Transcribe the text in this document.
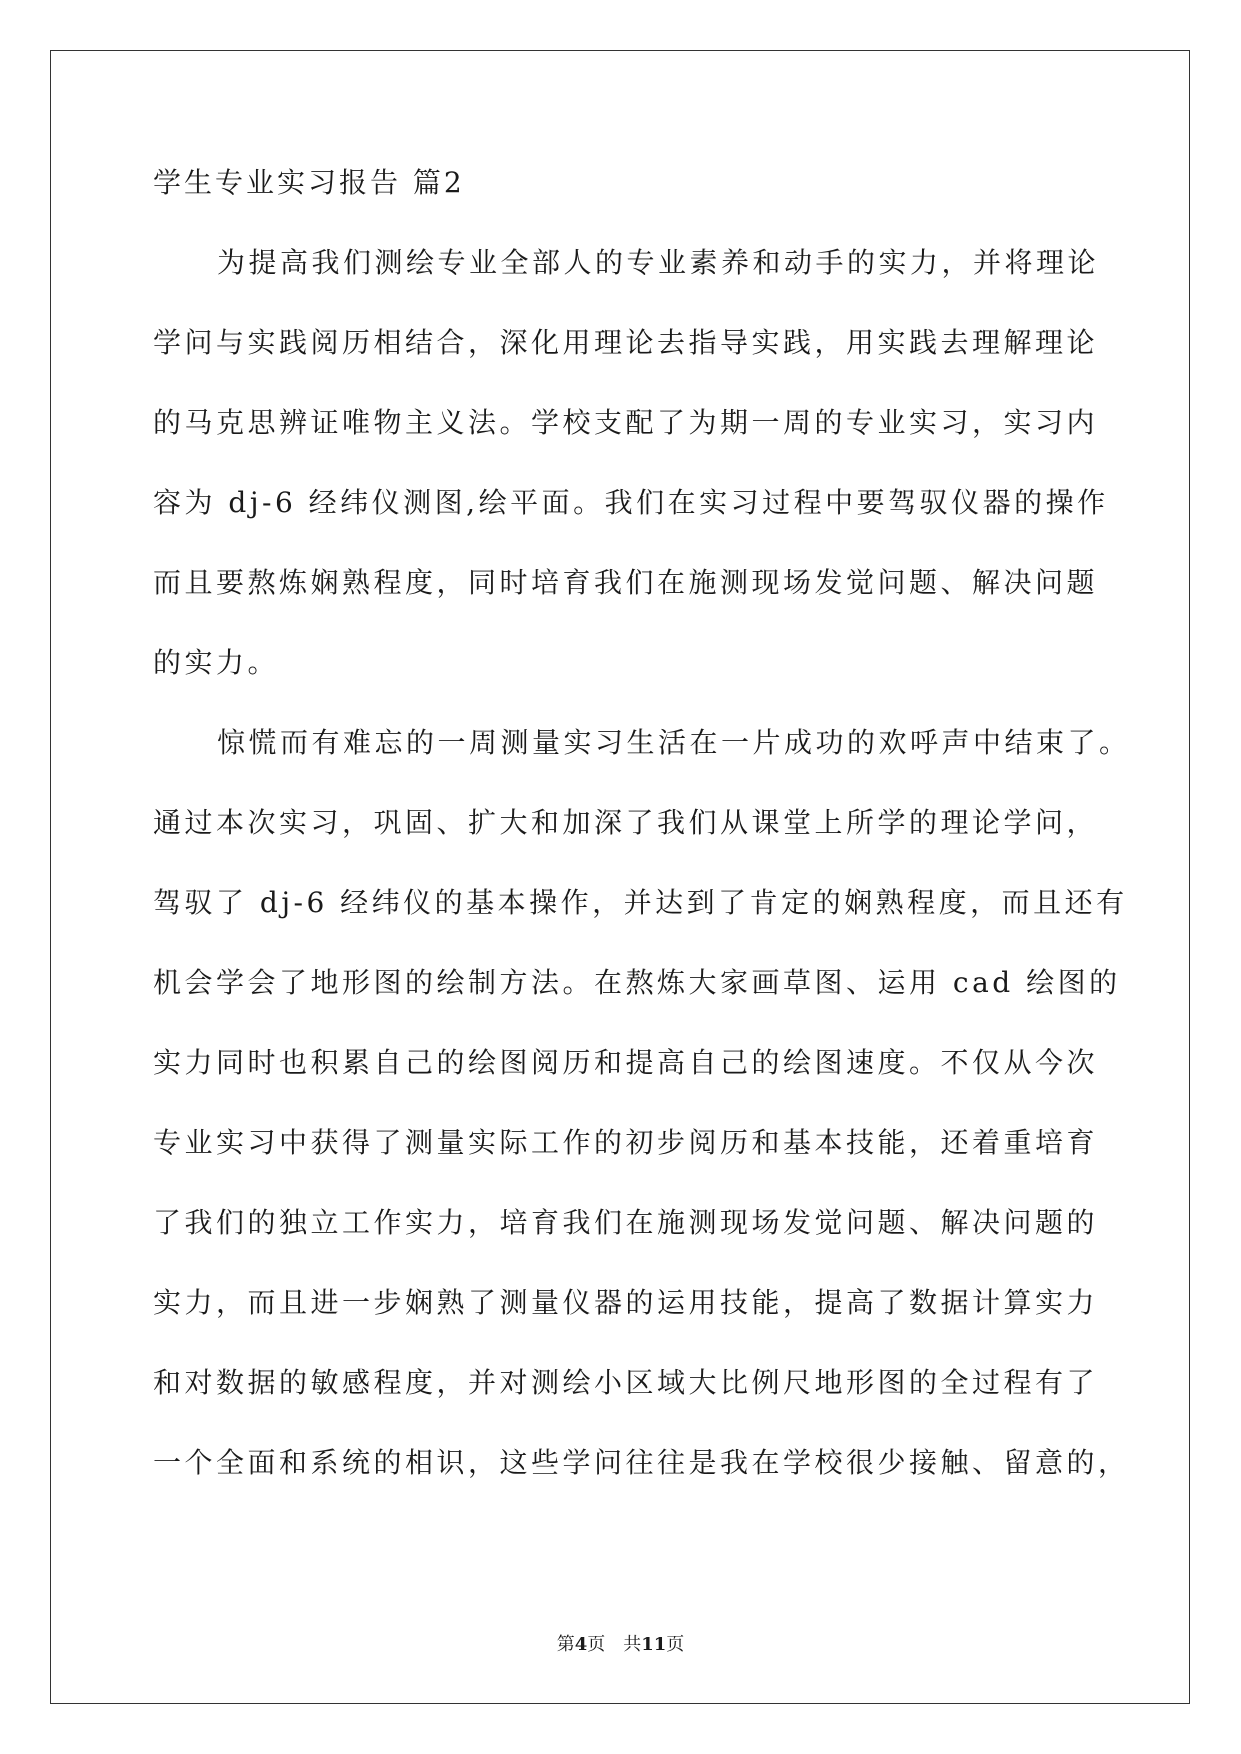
学生专业实习报告 篇2
为提高我们测绘专业全部人的专业素养和动手的实力，并将理论
学问与实践阅历相结合，深化用理论去指导实践，用实践去理解理论
的马克思辨证唯物主义法。学校支配了为期一周的专业实习，实习内
容为 dj-6 经纬仪测图,绘平面。我们在实习过程中要驾驭仪器的操作
而且要熬炼娴熟程度，同时培育我们在施测现场发觉问题、解决问题
的实力。
惊慌而有难忘的一周测量实习生活在一片成功的欢呼声中结束了。
通过本次实习，巩固、扩大和加深了我们从课堂上所学的理论学问，
驾驭了 dj-6 经纬仪的基本操作，并达到了肯定的娴熟程度，而且还有
机会学会了地形图的绘制方法。在熬炼大家画草图、运用 cad 绘图的
实力同时也积累自己的绘图阅历和提高自己的绘图速度。不仅从今次
专业实习中获得了测量实际工作的初步阅历和基本技能，还着重培育
了我们的独立工作实力，培育我们在施测现场发觉问题、解决问题的
实力，而且进一步娴熟了测量仪器的运用技能，提高了数据计算实力
和对数据的敏感程度，并对测绘小区域大比例尺地形图的全过程有了
一个全面和系统的相识，这些学问往往是我在学校很少接触、留意的，
第4页 共11页
